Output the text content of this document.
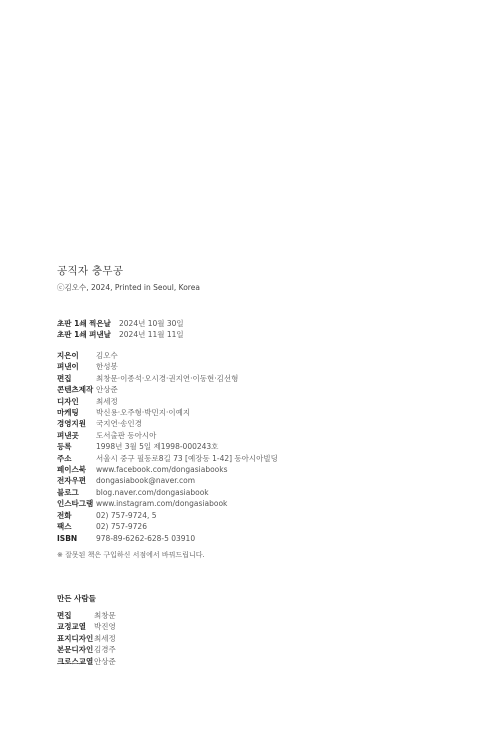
공직자 충무공
ⓒ김오수, 2024, Printed in Seoul, Korea
초판 1쇄 찍은날	2024년 10월 30일
초판 1쇄 펴낸날	2024년 11월 11일
지은이	김오수
펴낸이	한성봉
편집	최창문·이종석·오시경·권지연·이동현·김선형
콘텐츠제작 안상준
디자인	최세정
마케팅	박신용·오주형·박민지·이예지
경영지원	국지연·송인경
펴낸곳	도서출판 동아시아
등록	1998년 3월 5일 제1998-000243호
주소	서울시 중구 필동로8길 73 [예장동 1-42] 동아시아빌딩
페이스북	www.facebook.com/dongasiabooks
전자우편	dongasiabook@naver.com
블로그	blog.naver.com/dongasiabook
인스타그램 www.instagram.com/dongasiabook
전화	02) 757-9724, 5
팩스	02) 757-9726
ISBN	978-89-6262-628-5 03910
※ 잘못된 책은 구입하신 서점에서 바꿔드립니다.
만든 사람들
편집	최창문
교정교열	박진영
표지디자인 최세정
본문디자인 김경주
크로스교열 안상준
